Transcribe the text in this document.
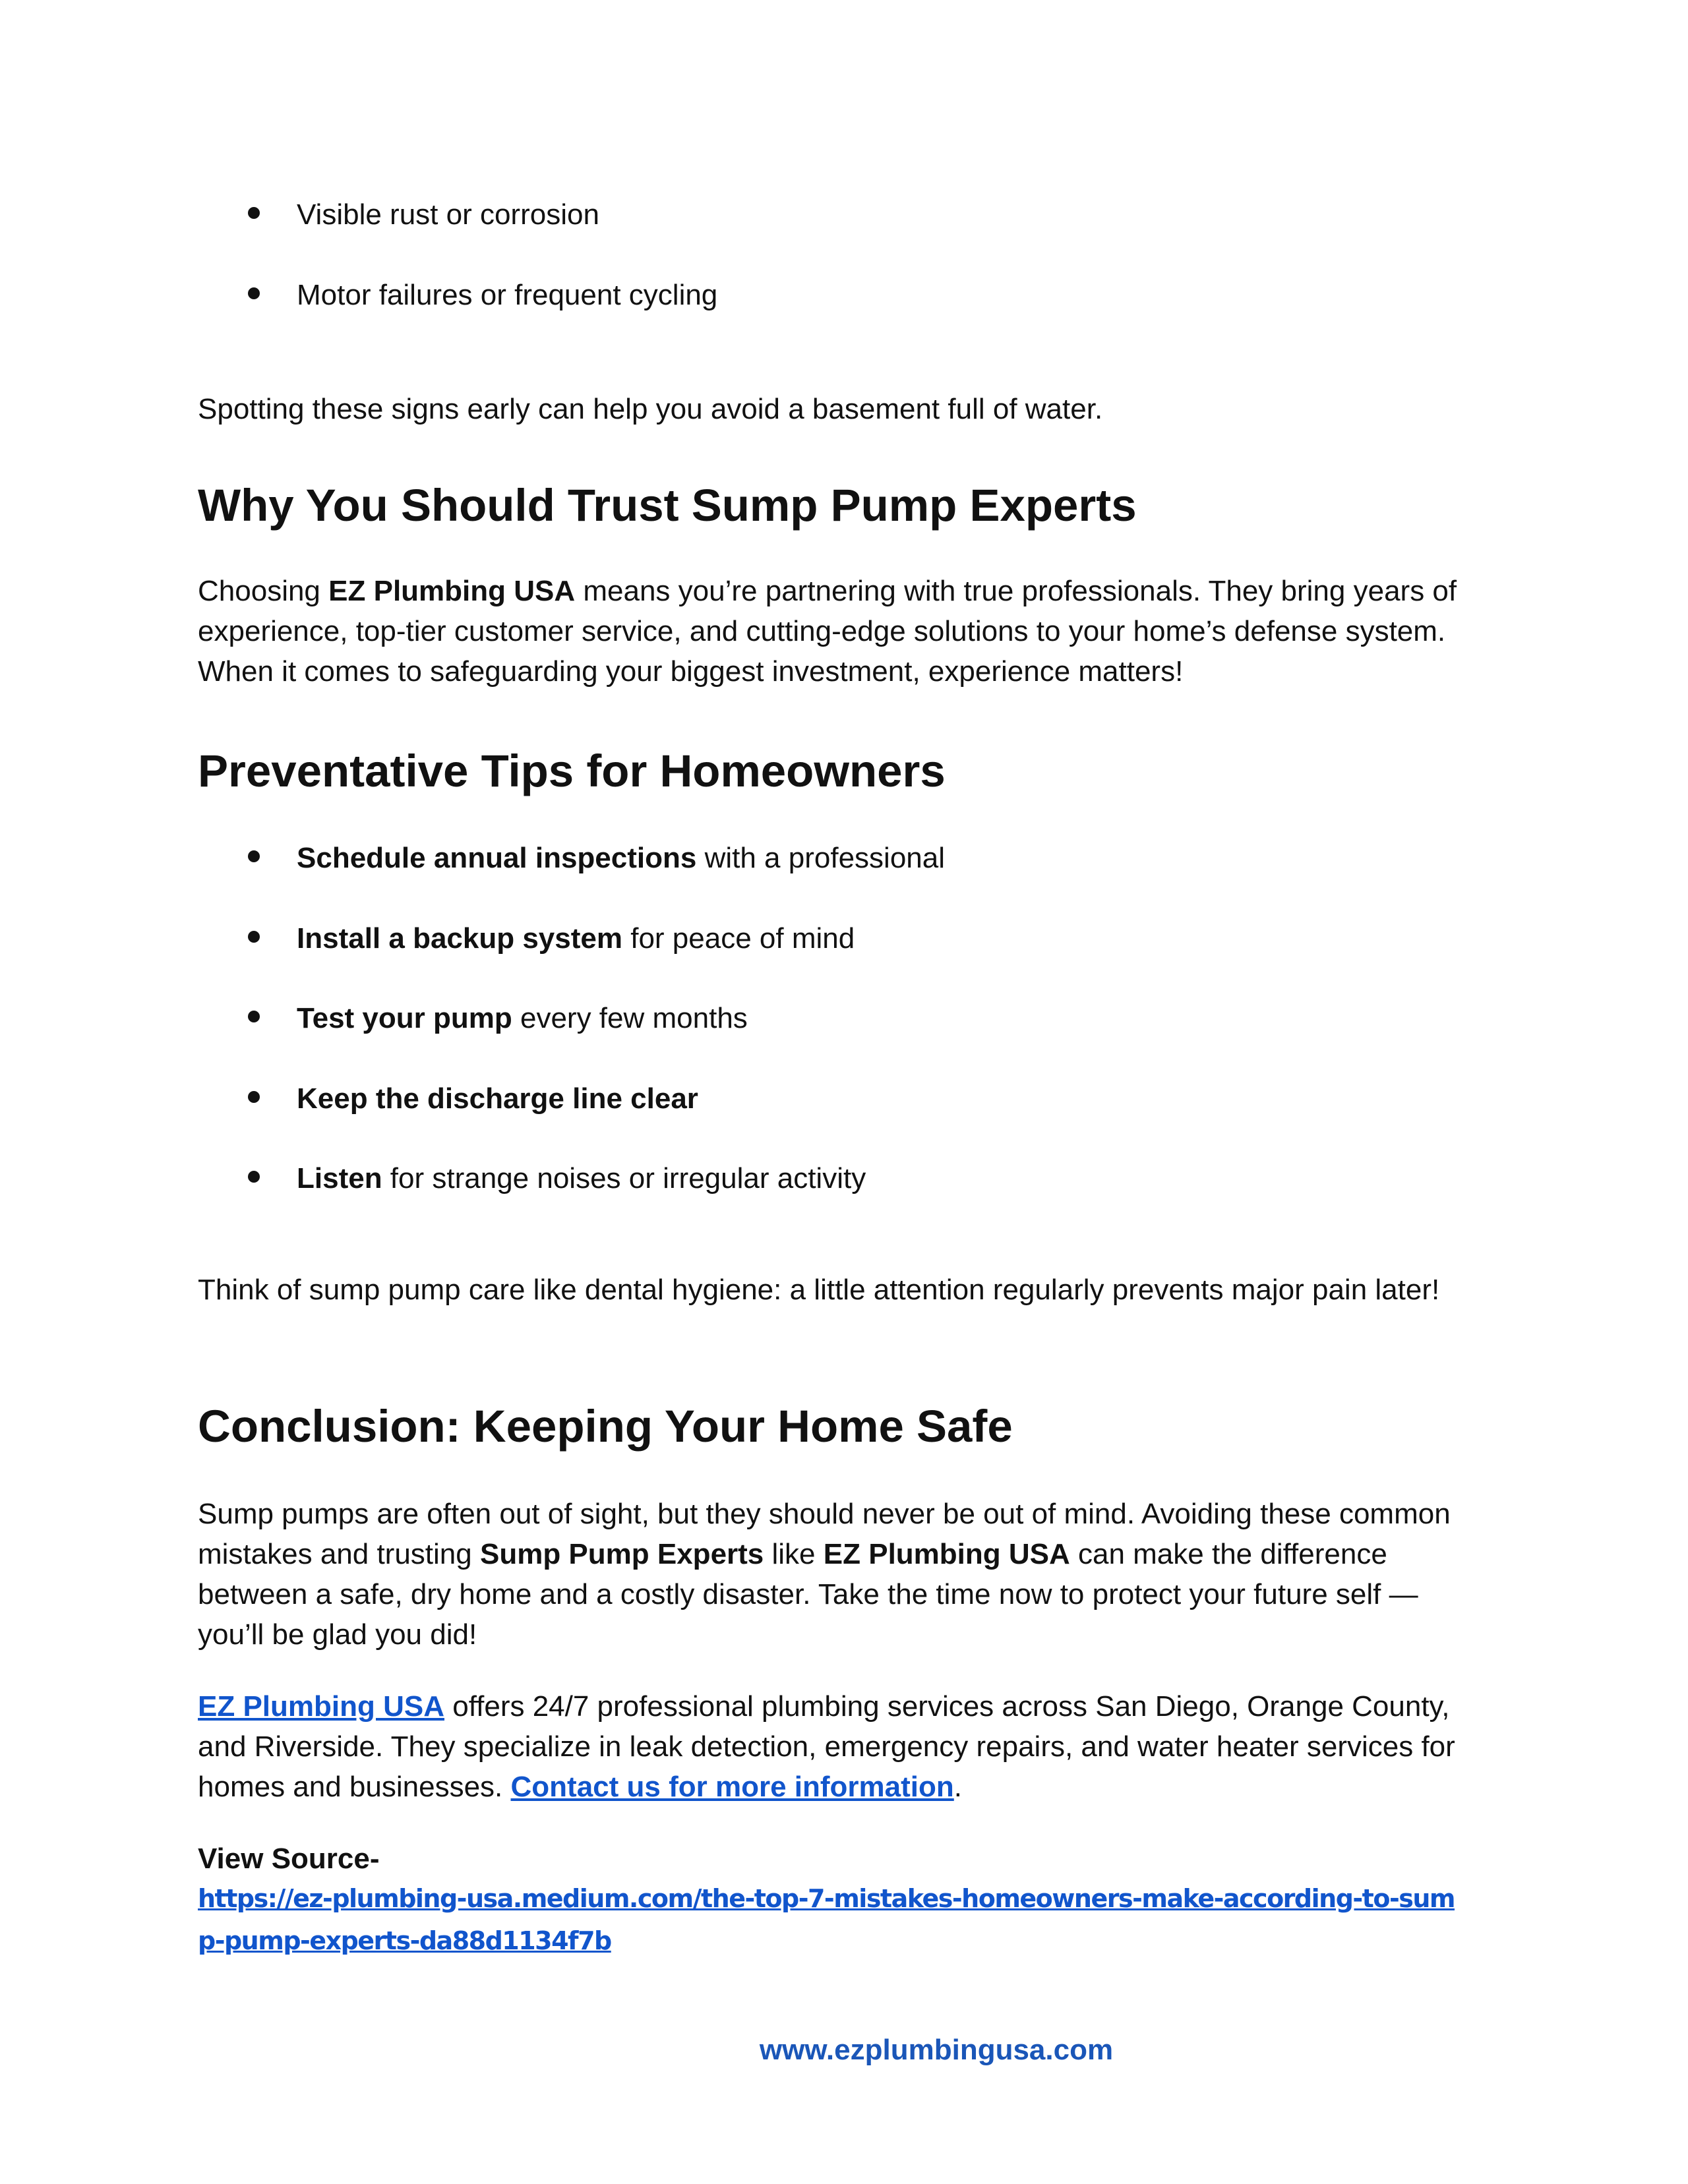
Visible rust or corrosion
Motor failures or frequent cycling

Spotting these signs early can help you avoid a basement full of water.

Why You Should Trust Sump Pump Experts

Choosing EZ Plumbing USA means you’re partnering with true professionals. They bring years of experience, top-tier customer service, and cutting-edge solutions to your home’s defense system. When it comes to safeguarding your biggest investment, experience matters!

Preventative Tips for Homeowners
Schedule annual inspections with a professional
Install a backup system for peace of mind
Test your pump every few months
Keep the discharge line clear
Listen for strange noises or irregular activity

Think of sump pump care like dental hygiene: a little attention regularly prevents major pain later!

Conclusion: Keeping Your Home Safe

Sump pumps are often out of sight, but they should never be out of mind. Avoiding these common mistakes and trusting Sump Pump Experts like EZ Plumbing USA can make the difference between a safe, dry home and a costly disaster. Take the time now to protect your future self — you’ll be glad you did!

EZ Plumbing USA offers 24/7 professional plumbing services across San Diego, Orange County, and Riverside. They specialize in leak detection, emergency repairs, and water heater services for homes and businesses. Contact us for more information.

View Source-
https://ez-plumbing-usa.medium.com/the-top-7-mistakes-homeowners-make-according-to-sump-pump-experts-da88d1134f7b
www.ezplumbingusa.com
